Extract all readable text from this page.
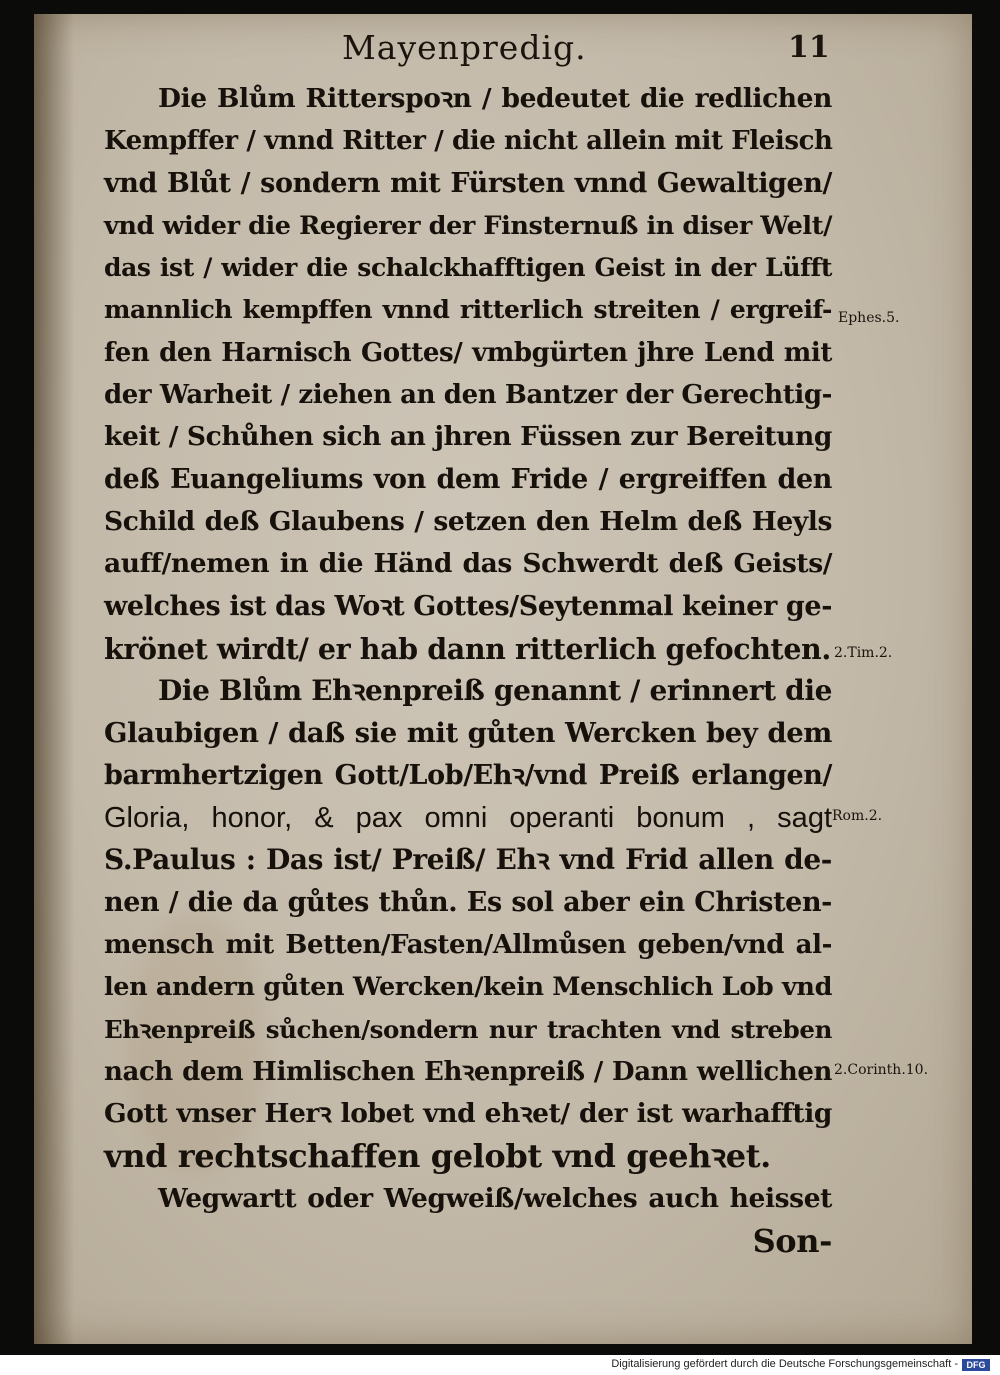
Mayenpredig.	11
Die Blům Ritterspoꝛn / bedeutet die redlichen
Kempffer / vnnd Ritter / die nicht allein mit Fleisch
vnd Blůt / sondern mit Fürsten vnnd Gewaltigen/
vnd wider die Regierer der Finsternuß in diser Welt/
das ist / wider die schalckhafftigen Geist in der Lüfft
mannlich kempffen vnnd ritterlich streiten / ergreif-
fen den Harnisch Gottes/ vmbgürten jhre Lend mit
der Warheit / ziehen an den Bantzer der Gerechtig-
keit / Schůhen sich an jhren Füssen zur Bereitung
deß Euangeliums von dem Fride / ergreiffen den
Schild deß Glaubens / setzen den Helm deß Heyls
auff/nemen in die Händ das Schwerdt deß Geists/
welches ist das Woꝛt Gottes/Seytenmal keiner ge-
krönet wirdt/ er hab dann ritterlich gefochten.
Die Blům Ehꝛenpreiß genannt / erinnert die
Glaubigen / daß sie mit gůten Wercken bey dem
barmhertzigen Gott/Lob/Ehꝛ/vnd Preiß erlangen/
Gloria, honor, & pax omni operanti bonum , sagt
S.Paulus : Das ist/ Preiß/ Ehꝛ vnd Frid allen de-
nen / die da gůtes thůn. Es sol aber ein Christen-
mensch mit Betten/Fasten/Allmůsen geben/vnd al-
len andern gůten Wercken/kein Menschlich Lob vnd
Ehꝛenpreiß sůchen/sondern nur trachten vnd streben
nach dem Himlischen Ehꝛenpreiß / Dann wellichen
Gott vnser Herꝛ lobet vnd ehꝛet/ der ist warhafftig
vnd rechtschaffen gelobt vnd geehꝛet.
Wegwartt oder Wegweiß/welches auch heisset
Son-
Ephes.5.
2.Tim.2.
Rom.2.
2.Corinth.10.
Digitalisierung gefördert durch die Deutsche Forschungsgemeinschaft - DFG
